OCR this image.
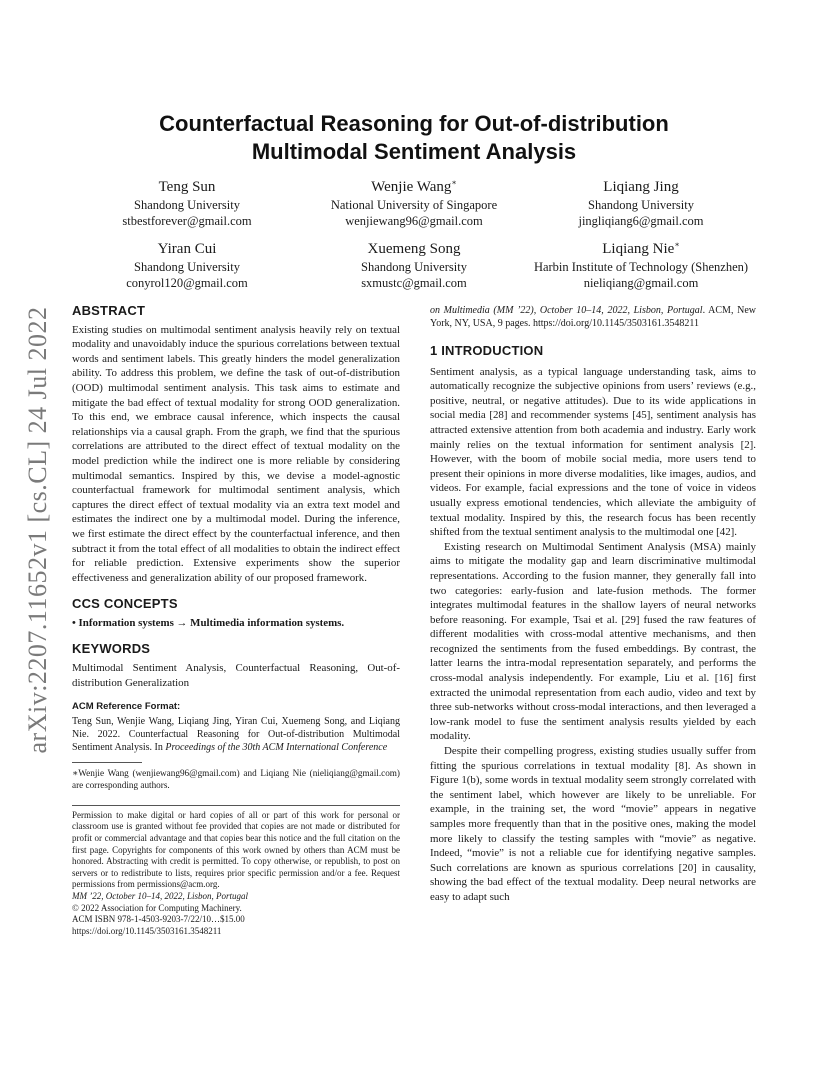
arXiv:2207.11652v1 [cs.CL] 24 Jul 2022
Counterfactual Reasoning for Out-of-distribution
Multimodal Sentiment Analysis
Teng Sun
Shandong University
stbestforever@gmail.com
Wenjie Wang∗
National University of Singapore
wenjiewang96@gmail.com
Liqiang Jing
Shandong University
jingliqiang6@gmail.com
Yiran Cui
Shandong University
conyrol120@gmail.com
Xuemeng Song
Shandong University
sxmustc@gmail.com
Liqiang Nie∗
Harbin Institute of Technology (Shenzhen)
nieliqiang@gmail.com
ABSTRACT

Existing studies on multimodal sentiment analysis heavily rely on textual modality and unavoidably induce the spurious correlations between textual words and sentiment labels. This greatly hinders the model generalization ability. To address this problem, we define the task of out-of-distribution (OOD) multimodal sentiment analysis. This task aims to estimate and mitigate the bad effect of textual modality for strong OOD generalization. To this end, we embrace causal inference, which inspects the causal relationships via a causal graph. From the graph, we find that the spurious correlations are attributed to the direct effect of textual modality on the model prediction while the indirect one is more reliable by considering multimodal semantics. Inspired by this, we devise a model-agnostic counterfactual framework for multimodal sentiment analysis, which captures the direct effect of textual modality via an extra text model and estimates the indirect one by a multimodal model. During the inference, we first estimate the direct effect by the counterfactual inference, and then subtract it from the total effect of all modalities to obtain the indirect effect for reliable prediction. Extensive experiments show the superior effectiveness and generalization ability of our proposed framework.

CCS CONCEPTS

• Information systems → Multimedia information systems.

KEYWORDS

Multimodal Sentiment Analysis, Counterfactual Reasoning, Out-of-distribution Generalization

ACM Reference Format:

Teng Sun, Wenjie Wang, Liqiang Jing, Yiran Cui, Xuemeng Song, and Liqiang Nie. 2022. Counterfactual Reasoning for Out-of-distribution Multimodal Sentiment Analysis. In Proceedings of the 30th ACM International Conference

∗Wenjie Wang (wenjiewang96@gmail.com) and Liqiang Nie (nieliqiang@gmail.com) are corresponding authors.

Permission to make digital or hard copies of all or part of this work for personal or classroom use is granted without fee provided that copies are not made or distributed for profit or commercial advantage and that copies bear this notice and the full citation on the first page. Copyrights for components of this work owned by others than ACM must be honored. Abstracting with credit is permitted. To copy otherwise, or republish, to post on servers or to redistribute to lists, requires prior specific permission and/or a fee. Request permissions from permissions@acm.org.

MM ’22, October 10–14, 2022, Lisbon, Portugal

© 2022 Association for Computing Machinery.

ACM ISBN 978-1-4503-9203-7/22/10…$15.00

https://doi.org/10.1145/3503161.3548211

on Multimedia (MM ’22), October 10–14, 2022, Lisbon, Portugal. ACM, New York, NY, USA, 9 pages. https://doi.org/10.1145/3503161.3548211

1 INTRODUCTION

Sentiment analysis, as a typical language understanding task, aims to automatically recognize the subjective opinions from users’ reviews (e.g., positive, neutral, or negative attitudes). Due to its wide applications in social media [28] and recommender systems [45], sentiment analysis has attracted extensive attention from both academia and industry. Early work mainly relies on the textual information for sentiment analysis [2]. However, with the boom of mobile social media, more users tend to present their opinions in more diverse modalities, like images, audios, and videos. For example, facial expressions and the tone of voice in videos usually express emotional tendencies, which alleviate the ambiguity of textual modality. Inspired by this, the research focus has been recently shifted from the textual sentiment analysis to the multimodal one [42].

Existing research on Multimodal Sentiment Analysis (MSA) mainly aims to mitigate the modality gap and learn discriminative multimodal representations. According to the fusion manner, they generally fall into two categories: early-fusion and late-fusion methods. The former integrates multimodal features in the shallow layers of neural networks before reasoning. For example, Tsai et al. [29] fused the raw features of different modalities with cross-modal attentive mechanisms, and then recognized the sentiments from the fused embeddings. By contrast, the latter learns the intra-modal representation separately, and performs the cross-modal analysis independently. For example, Liu et al. [16] first extracted the unimodal representation from each audio, video and text by three sub-networks without cross-modal interactions, and then leveraged a low-rank model to fuse the sentiment analysis results yielded by each modality.

Despite their compelling progress, existing studies usually suffer from fitting the spurious correlations in textual modality [8]. As shown in Figure 1(b), some words in textual modality seem strongly correlated with the sentiment label, which however are likely to be unreliable. For example, in the training set, the word “movie” appears in negative samples more frequently than that in the positive ones, making the model more likely to classify the testing samples with “movie” as negative. Indeed, “movie” is not a reliable cue for identifying negative samples. Such correlations are known as spurious correlations [20] in causality, showing the bad effect of the textual modality. Deep neural networks are easy to adapt such
